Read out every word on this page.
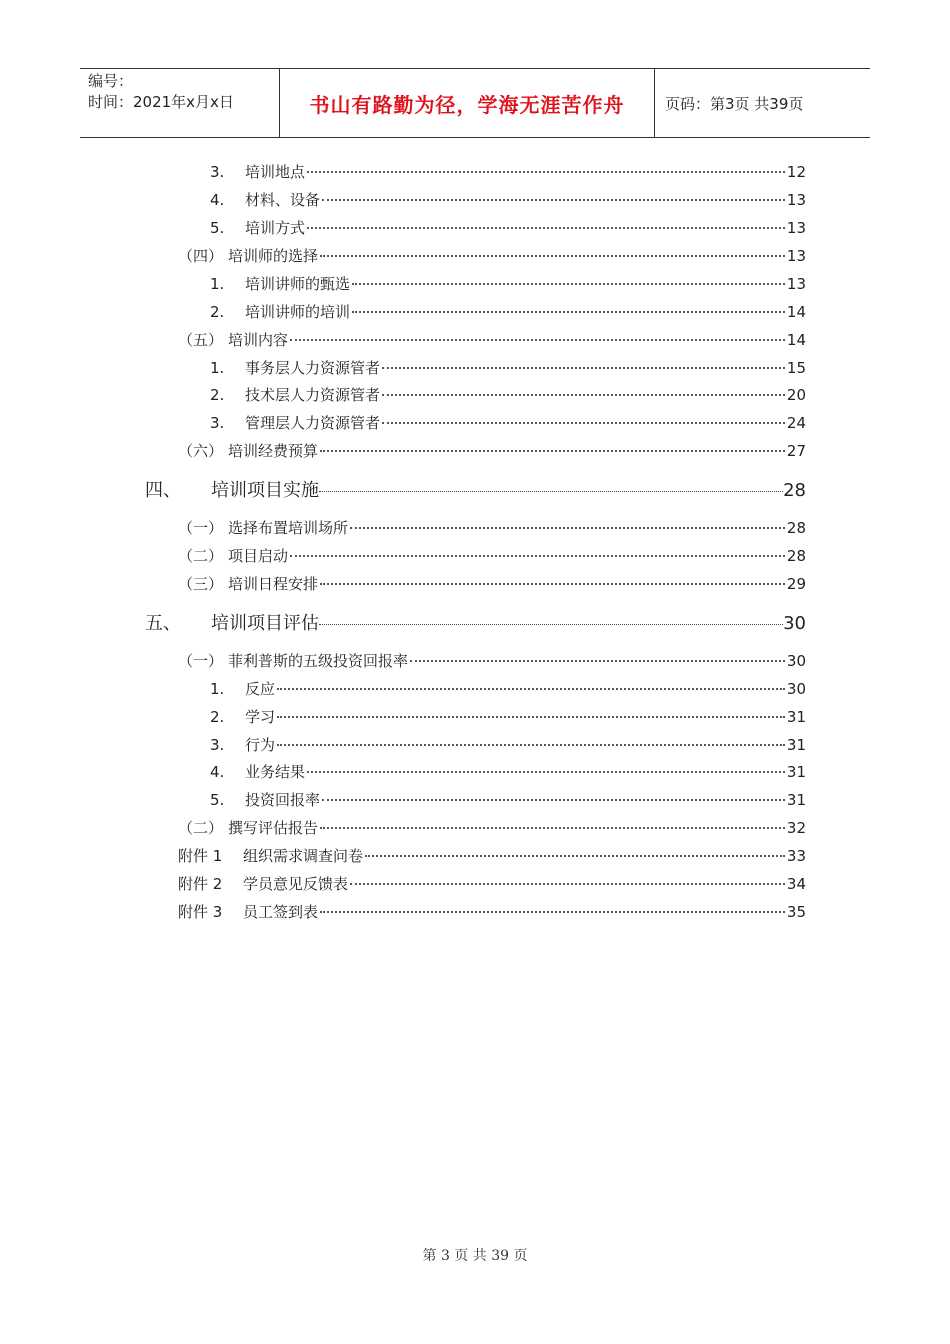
编号：
时间：2021年x月x日	书山有路勤为径，学海无涯苦作舟	页码：第3页 共39页
3.	培训地点	12
4.	材料、设备	13
5.	培训方式	13
（四） 培训师的选择	13
1.	培训讲师的甄选	13
2.	培训讲师的培训	14
（五） 培训内容	14
1.	事务层人力资源管者	15
2.	技术层人力资源管者	20
3.	管理层人力资源管者	24
（六） 培训经费预算	27
四、	培训项目实施	28
（一） 选择布置培训场所	28
（二） 项目启动	28
（三） 培训日程安排	29
五、	培训项目评估	30
（一） 菲利普斯的五级投资回报率	30
1.	反应	30
2.	学习	31
3.	行为	31
4.	业务结果	31
5.	投资回报率	31
（二） 撰写评估报告	32
附件 1	组织需求调查问卷	33
附件 2	学员意见反馈表	34
附件 3	员工签到表	35
第 3 页 共 39 页
